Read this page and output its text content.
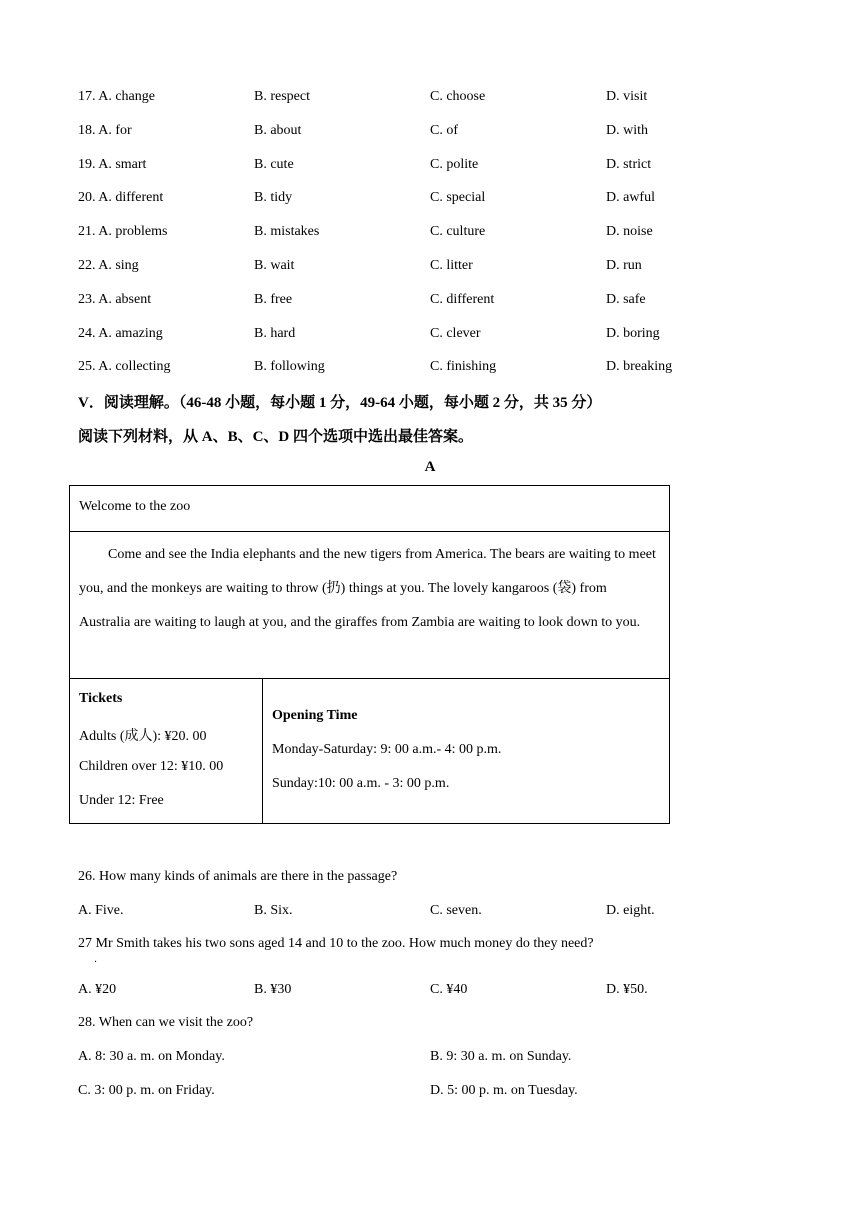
17. A. change	B. respect	C. choose	D. visit
18. A. for	B. about	C. of	D. with
19. A. smart	B. cute	C. polite	D. strict
20. A. different	B. tidy	C. special	D. awful
21. A. problems	B. mistakes	C. culture	D. noise
22. A. sing	B. wait	C. litter	D. run
23. A. absent	B. free	C. different	D. safe
24. A. amazing	B. hard	C. clever	D. boring
25. A. collecting	B. following	C. finishing	D. breaking
V．阅读理解。（46-48 小题，每小题 1 分，49-64 小题，每小题 2 分，共 35 分）
阅读下列材料，从 A、B、C、D 四个选项中选出最佳答案。
A
Welcome to the zoo

Come and see the India elephants and the new tigers from America. The bears are waiting to meet you, and the monkeys are waiting to throw (扔) things at you. The lovely kangaroos (袋) from Australia are waiting to laugh at you, and the giraffes from Zambia are waiting to look down to you.

Tickets
Adults (成人): ¥20. 00
Children over 12: ¥10. 00
Under 12: Free
Opening Time
Monday-Saturday: 9: 00 a.m.- 4: 00 p.m.
Sunday:10: 00 a.m. - 3: 00 p.m.
26. How many kinds of animals are there in the passage?
A. Five.	B. Six.	C. seven.	D. eight.
27 Mr Smith takes his two sons aged 14 and 10 to the zoo. How much money do they need?
．
A. ¥20	B. ¥30	C. ¥40	D. ¥50.
28. When can we visit the zoo?
A. 8: 30 a. m. on Monday.	B. 9: 30 a. m. on Sunday.
C. 3: 00 p. m. on Friday.	D. 5: 00 p. m. on Tuesday.
